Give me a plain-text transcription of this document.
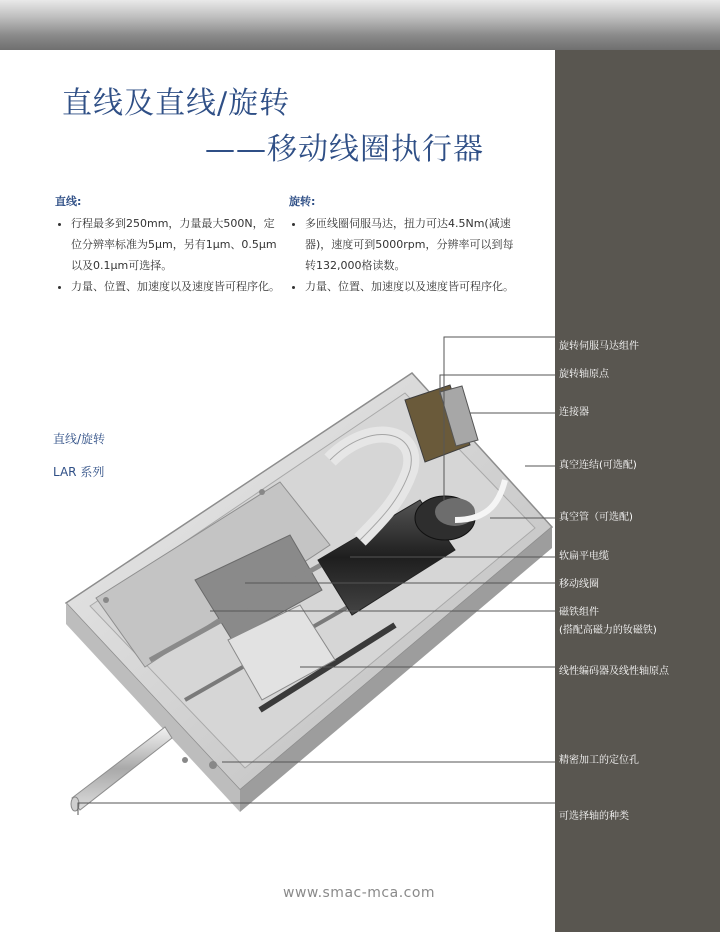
直线及直线/旋转
——移动线圈执行器
直线:
• 行程最多到250mm，力量最大500N，定位分辨率标准为5μm，另有1μm、0.5μm以及0.1μm可选择。
• 力量、位置、加速度以及速度皆可程序化。
旋转:
• 多匝线圈伺服马达，扭力可达4.5Nm(减速器)，速度可到5000rpm，分辨率可以到每转132,000格读数。
• 力量、位置、加速度以及速度皆可程序化。
直线/旋转
LAR 系列
旋转伺服马达组件
旋转轴原点
连接器
真空连结(可选配)
真空管（可选配)
软扁平电缆
移动线圈
磁铁组件
(搭配高磁力的钕磁铁)
线性编码器及线性轴原点
精密加工的定位孔
可选择轴的种类
www.smac-mca.com
